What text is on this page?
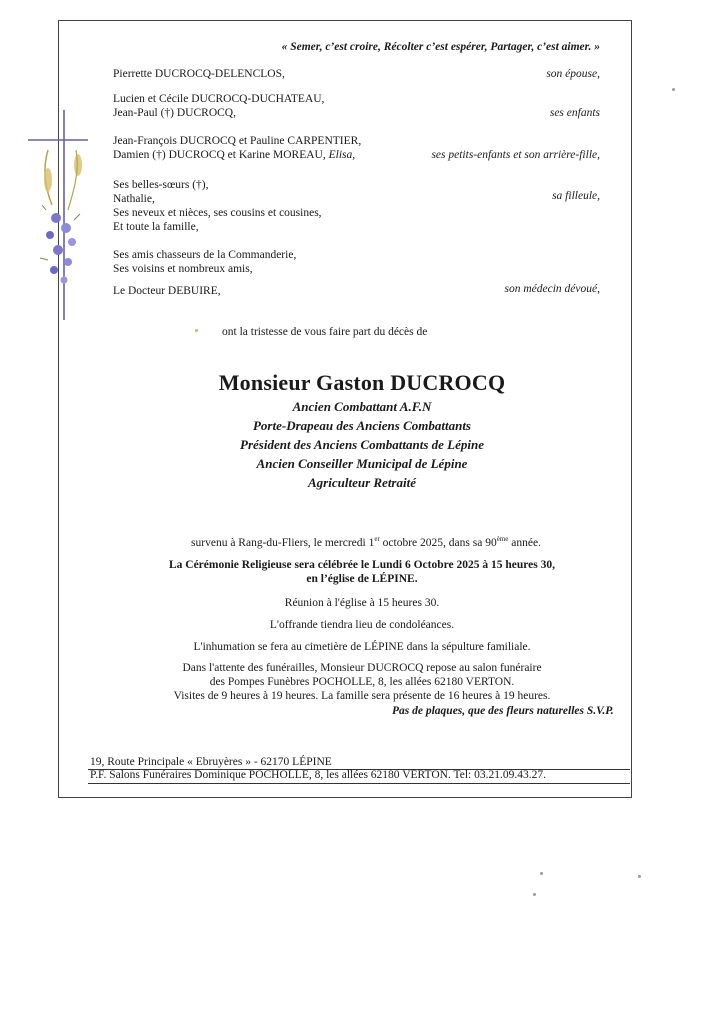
« Semer, c’est croire, Récolter c’est espérer, Partager, c’est aimer. »
Pierrette DUCROCQ-DELENCLOS,	son épouse,
Lucien et Cécile DUCROCQ-DUCHATEAU,
Jean-Paul (†) DUCROCQ,	ses enfants
Jean-François DUCROCQ et Pauline CARPENTIER,
Damien (†) DUCROCQ et Karine MOREAU, Elisa,	ses petits-enfants et son arrière-fille,
Ses belles-sœurs (†),
Nathalie,	sa filleule,
Ses neveux et nièces, ses cousins et cousines,
Et toute la famille,
Ses amis chasseurs de la Commanderie,
Ses voisins et nombreux amis,
Le Docteur DEBUIRE,	son médecin dévoué,
ont la tristesse de vous faire part du décès de
Monsieur Gaston DUCROCQ
Ancien Combattant A.F.N
Porte-Drapeau des Anciens Combattants
Président des Anciens Combattants de Lépine
Ancien Conseiller Municipal de Lépine
Agriculteur Retraité
survenu à Rang-du-Fliers, le mercredi 1er octobre 2025, dans sa 90ème année.
La Cérémonie Religieuse sera célébrée le Lundi 6 Octobre 2025 à 15 heures 30,
en l’église de LÉPINE.
Réunion à l'église à 15 heures 30.
L'offrande tiendra lieu de condoléances.
L'inhumation se fera au cimetière de LÉPINE dans la sépulture familiale.
Dans l'attente des funérailles, Monsieur DUCROCQ repose au salon funéraire
des Pompes Funèbres POCHOLLE, 8, les allées 62180 VERTON.
Visites de 9 heures à 19 heures. La famille sera présente de 16 heures à 19 heures.
Pas de plaques, que des fleurs naturelles S.V.P.
19, Route Principale « Ebruyères » - 62170 LÉPINE
P.F. Salons Funéraires Dominique POCHOLLE, 8, les allées 62180 VERTON. Tel: 03.21.09.43.27.
